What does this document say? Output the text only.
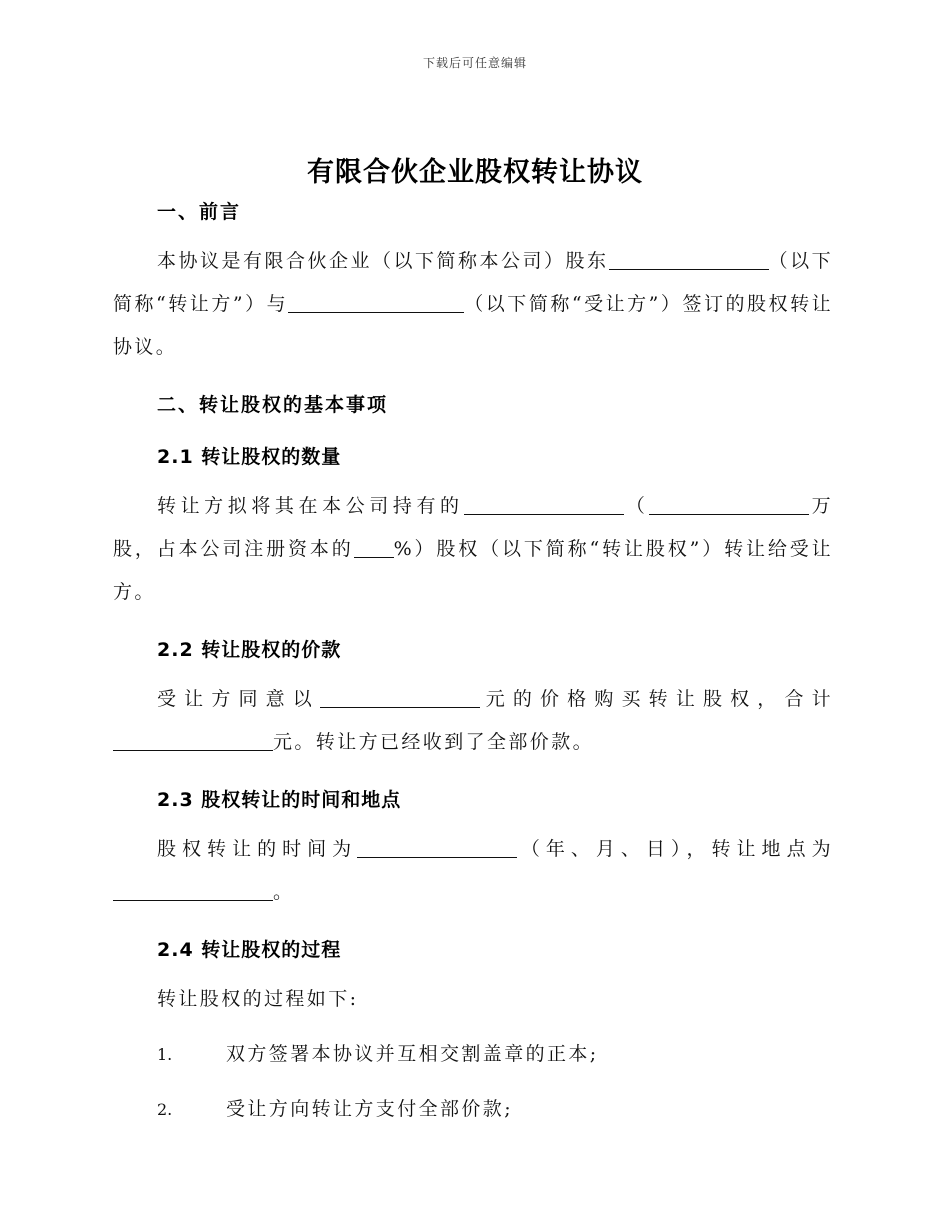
下载后可任意编辑
有限合伙企业股权转让协议
一、前言
本协议是有限合伙企业（以下简称本公司）股东	（以下简称“转让方”）与	（以下简称“受让方”）签订的股权转让协议。
二、转让股权的基本事项
2.1 转让股权的数量
转让方拟将其在本公司持有的	（	万股，占本公司注册资本的 %）股权（以下简称“转让股权”）转让给受让方。
2.2 转让股权的价款
受让方同意以	元的价格购买转让股权，合计元。转让方已经收到了全部价款。
2.3 股权转让的时间和地点
股权转让的时间为	（年、月、日），转让地点为。
2.4 转让股权的过程
转让股权的过程如下:
1.	双方签署本协议并互相交割盖章的正本;
2.	受让方向转让方支付全部价款;
